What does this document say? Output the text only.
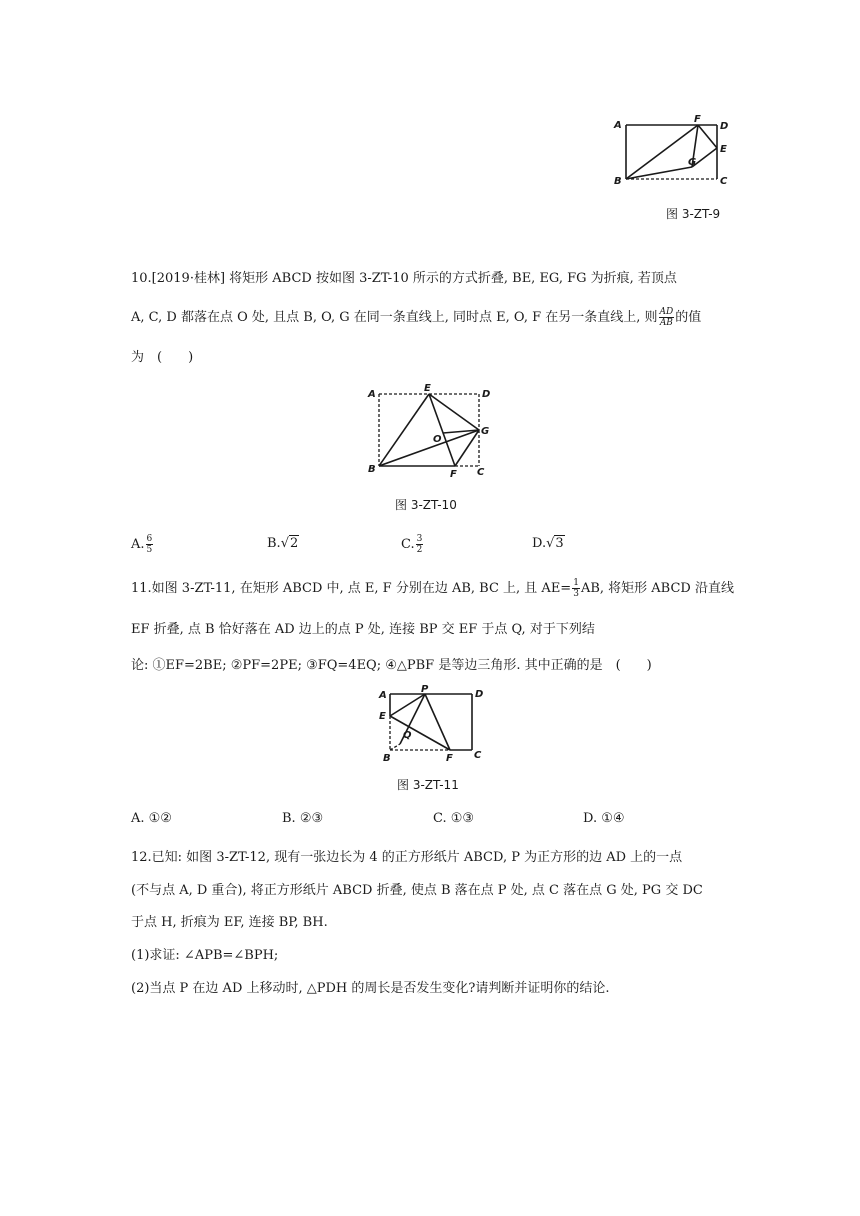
A
F
D
E
G
B	C
图 3-ZT-9
10.[2019·桂林] 将矩形 ABCD 按如图 3-ZT-10 所示的方式折叠, BE, EG, FG 为折痕, 若顶点
A, C, D 都落在点 O 处, 且点 B, O, G 在同一条直线上, 同时点 E, O, F 在另一条直线上, 则 $\frac{AD}{AB}$ 的值
为　(　　)
A
E
D
O
G
B	F C
图 3-ZT-10
A. $\frac{6}{5}$	B.√2	C. $\frac{3}{2}$	D.√3
11.如图 3-ZT-11, 在矩形 ABCD 中, 点 E, F 分别在边 AB, BC 上, 且 $AE= \frac{1}{3}$ AB, 将矩形 ABCD 沿直线
EF 折叠, 点 B 恰好落在 AD 边上的点 P 处, 连接 BP 交 EF 于点 Q, 对于下列结
论: ①EF=2BE; ②PF=2PE; ③FQ=4EQ; ④△PBF 是等边三角形. 其中正确的是　(　　)
A
P	D
E
Q
B	F C
图 3-ZT-11
A. ①②	B. ②③	C. ①③	D. ①④
12.已知: 如图 3-ZT-12, 现有一张边长为 4 的正方形纸片 ABCD, P 为正方形的边 AD 上的一点
(不与点 A, D 重合), 将正方形纸片 ABCD 折叠, 使点 B 落在点 P 处, 点 C 落在点 G 处, PG 交 DC
于点 H, 折痕为 EF, 连接 BP, BH.
(1)求证: ∠APB=∠BPH;
(2)当点 P 在边 AD 上移动时, △PDH 的周长是否发生变化?请判断并证明你的结论.
